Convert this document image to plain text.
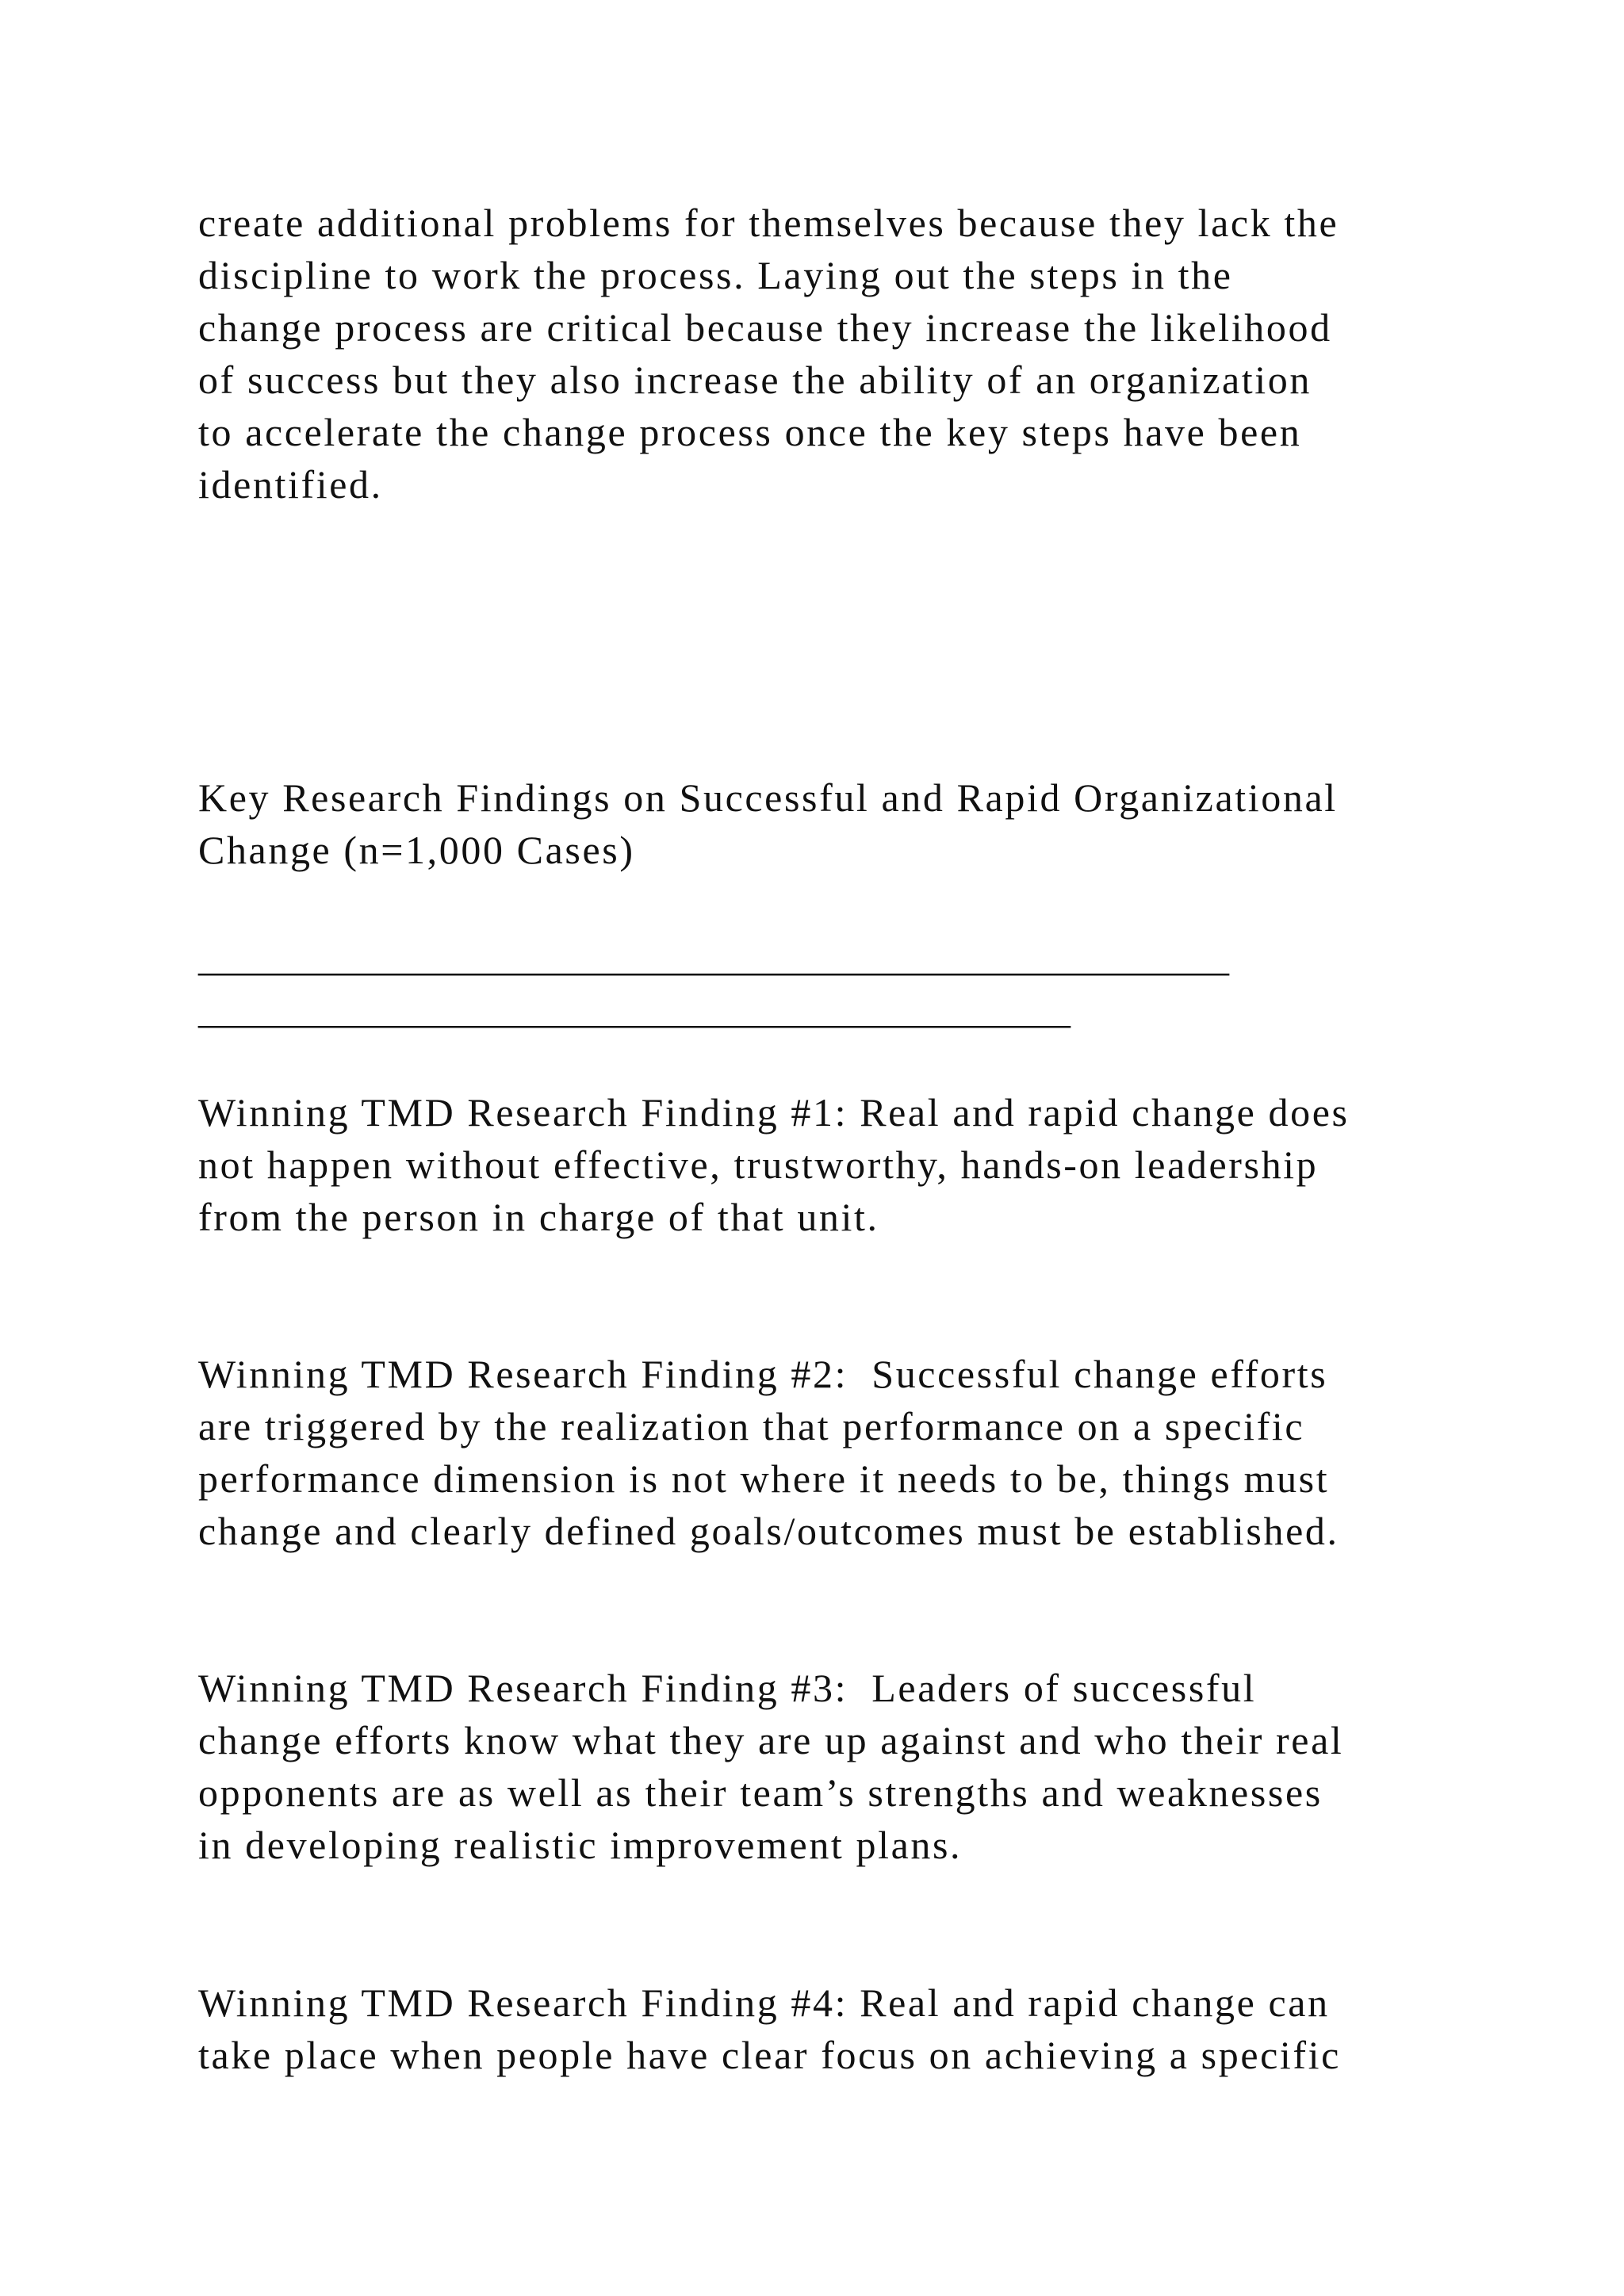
create additional problems for themselves because they lack the
discipline to work the process. Laying out the steps in the
change process are critical because they increase the likelihood
of success but they also increase the ability of an organization
to accelerate the change process once the key steps have been
identified.

Key Research Findings on Successful and Rapid Organizational
Change (n=1,000 Cases)

____________________________________________________
____________________________________________

Winning TMD Research Finding #1: Real and rapid change does
not happen without effective, trustworthy, hands-on leadership
from the person in charge of that unit.

Winning TMD Research Finding #2:  Successful change efforts
are triggered by the realization that performance on a specific
performance dimension is not where it needs to be, things must
change and clearly defined goals/outcomes must be established.

Winning TMD Research Finding #3:  Leaders of successful
change efforts know what they are up against and who their real
opponents are as well as their team’s strengths and weaknesses
in developing realistic improvement plans.

Winning TMD Research Finding #4: Real and rapid change can
take place when people have clear focus on achieving a specific
